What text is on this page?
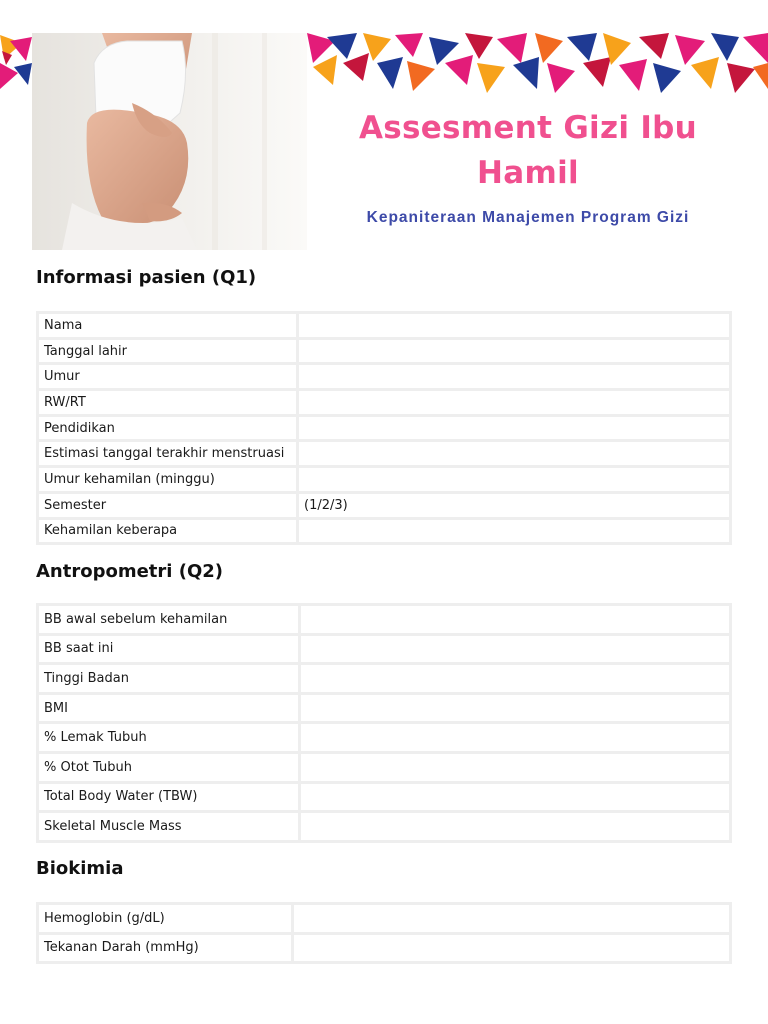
Assesment Gizi Ibu Hamil
Kepaniteraan Manajemen Program Gizi
Informasi pasien (Q1)
Nama	
Tanggal lahir	
Umur	
RW/RT	
Pendidikan	
Estimasi tanggal terakhir menstruasi	
Umur kehamilan (minggu)	
Semester	(1/2/3)
Kehamilan keberapa	
Antropometri (Q2)
BB awal sebelum kehamilan	
BB saat ini	
Tinggi Badan	
BMI	
% Lemak Tubuh	
% Otot Tubuh	
Total Body Water (TBW)	
Skeletal Muscle Mass	
Biokimia
Hemoglobin (g/dL)	
Tekanan Darah (mmHg)	
